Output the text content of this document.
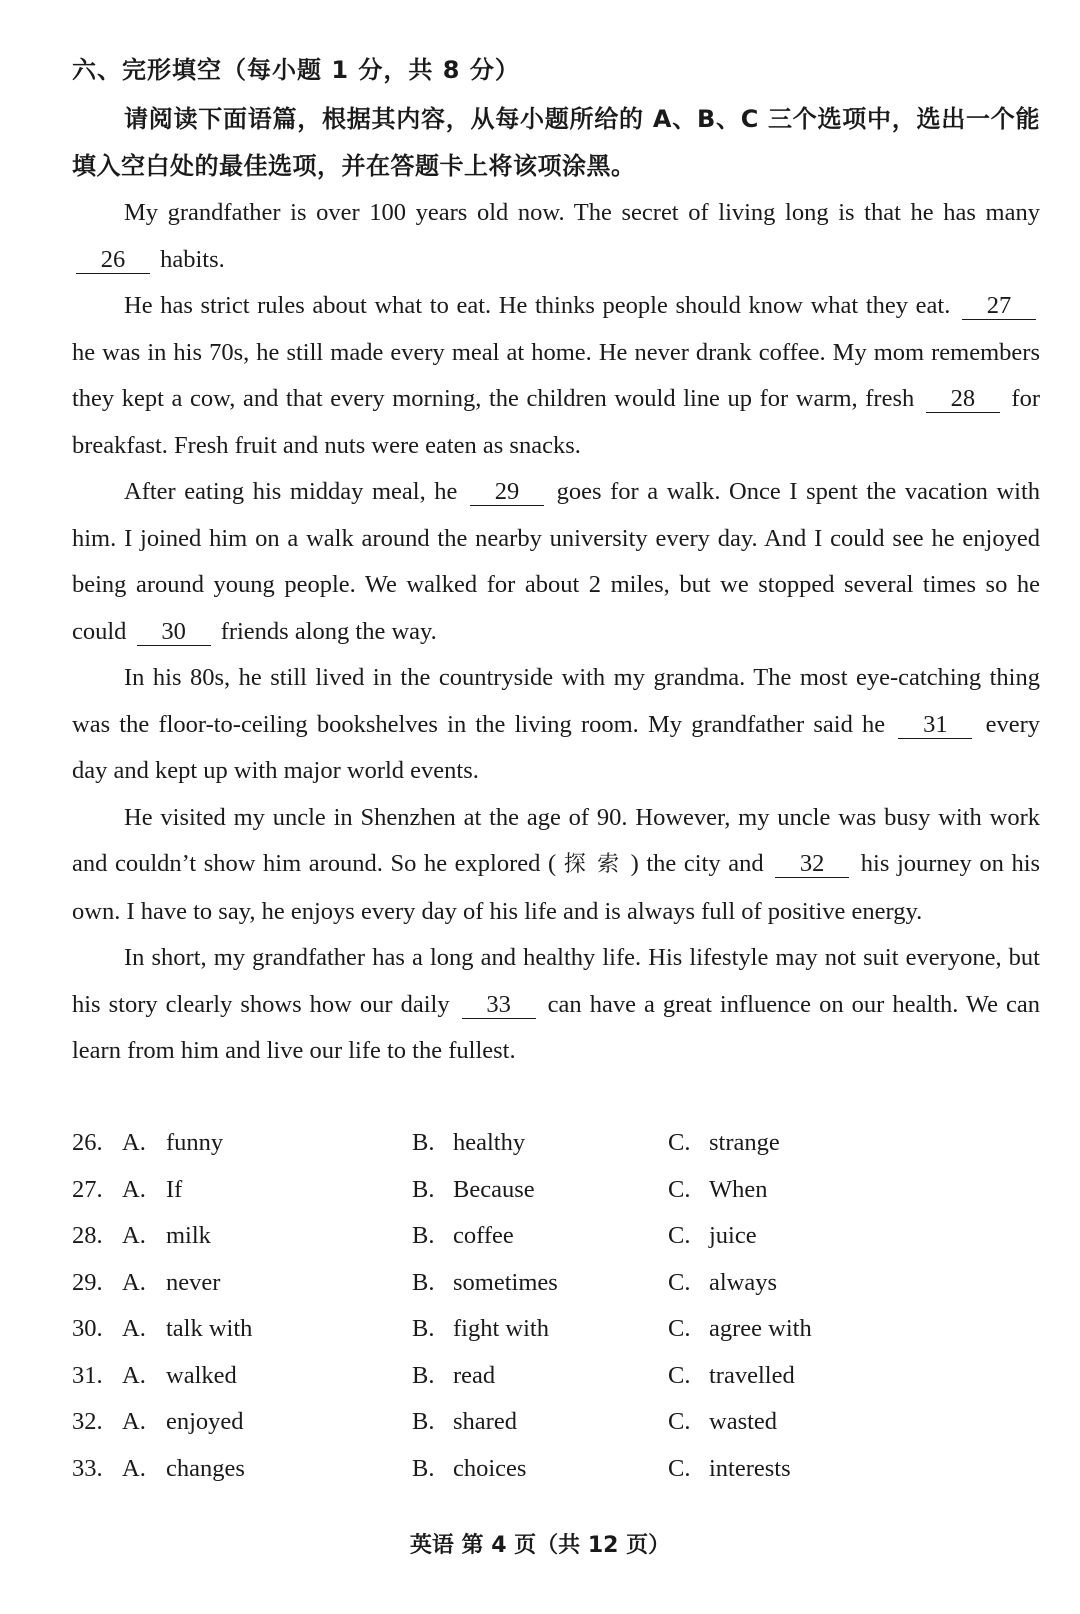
六、完形填空（每小题 1 分，共 8 分）
请阅读下面语篇，根据其内容，从每小题所给的 A、B、C 三个选项中，选出一个能填入空白处的最佳选项，并在答题卡上将该项涂黑。

My grandfather is over 100 years old now. The secret of living long is that he has many 26 habits.

He has strict rules about what to eat. He thinks people should know what they eat. 27 he was in his 70s, he still made every meal at home. He never drank coffee. My mom remembers they kept a cow, and that every morning, the children would line up for warm, fresh 28 for breakfast. Fresh fruit and nuts were eaten as snacks.

After eating his midday meal, he 29 goes for a walk. Once I spent the vacation with him. I joined him on a walk around the nearby university every day. And I could see he enjoyed being around young people. We walked for about 2 miles, but we stopped several times so he could 30 friends along the way.

In his 80s, he still lived in the countryside with my grandma. The most eye-catching thing was the floor-to-ceiling bookshelves in the living room. My grandfather said he 31 every day and kept up with major world events.

He visited my uncle in Shenzhen at the age of 90. However, my uncle was busy with work and couldn’t show him around. So he explored ( 探索) the city and 32 his journey on his own. I have to say, he enjoys every day of his life and is always full of positive energy.

In short, my grandfather has a long and healthy life. His lifestyle may not suit everyone, but his story clearly shows how our daily 33 can have a great influence on our health. We can learn from him and live our life to the fullest.

26. A. funny	B. healthy	C. strange
27. A. If	B. Because	C. When
28. A. milk	B. coffee	C. juice
29. A. never	B. sometimes	C. always
30. A. talk with	B. fight with	C. agree with
31. A. walked	B. read	C. travelled
32. A. enjoyed	B. shared	C. wasted
33. A. changes	B. choices	C. interests
英语 第 4 页（共 12 页）
